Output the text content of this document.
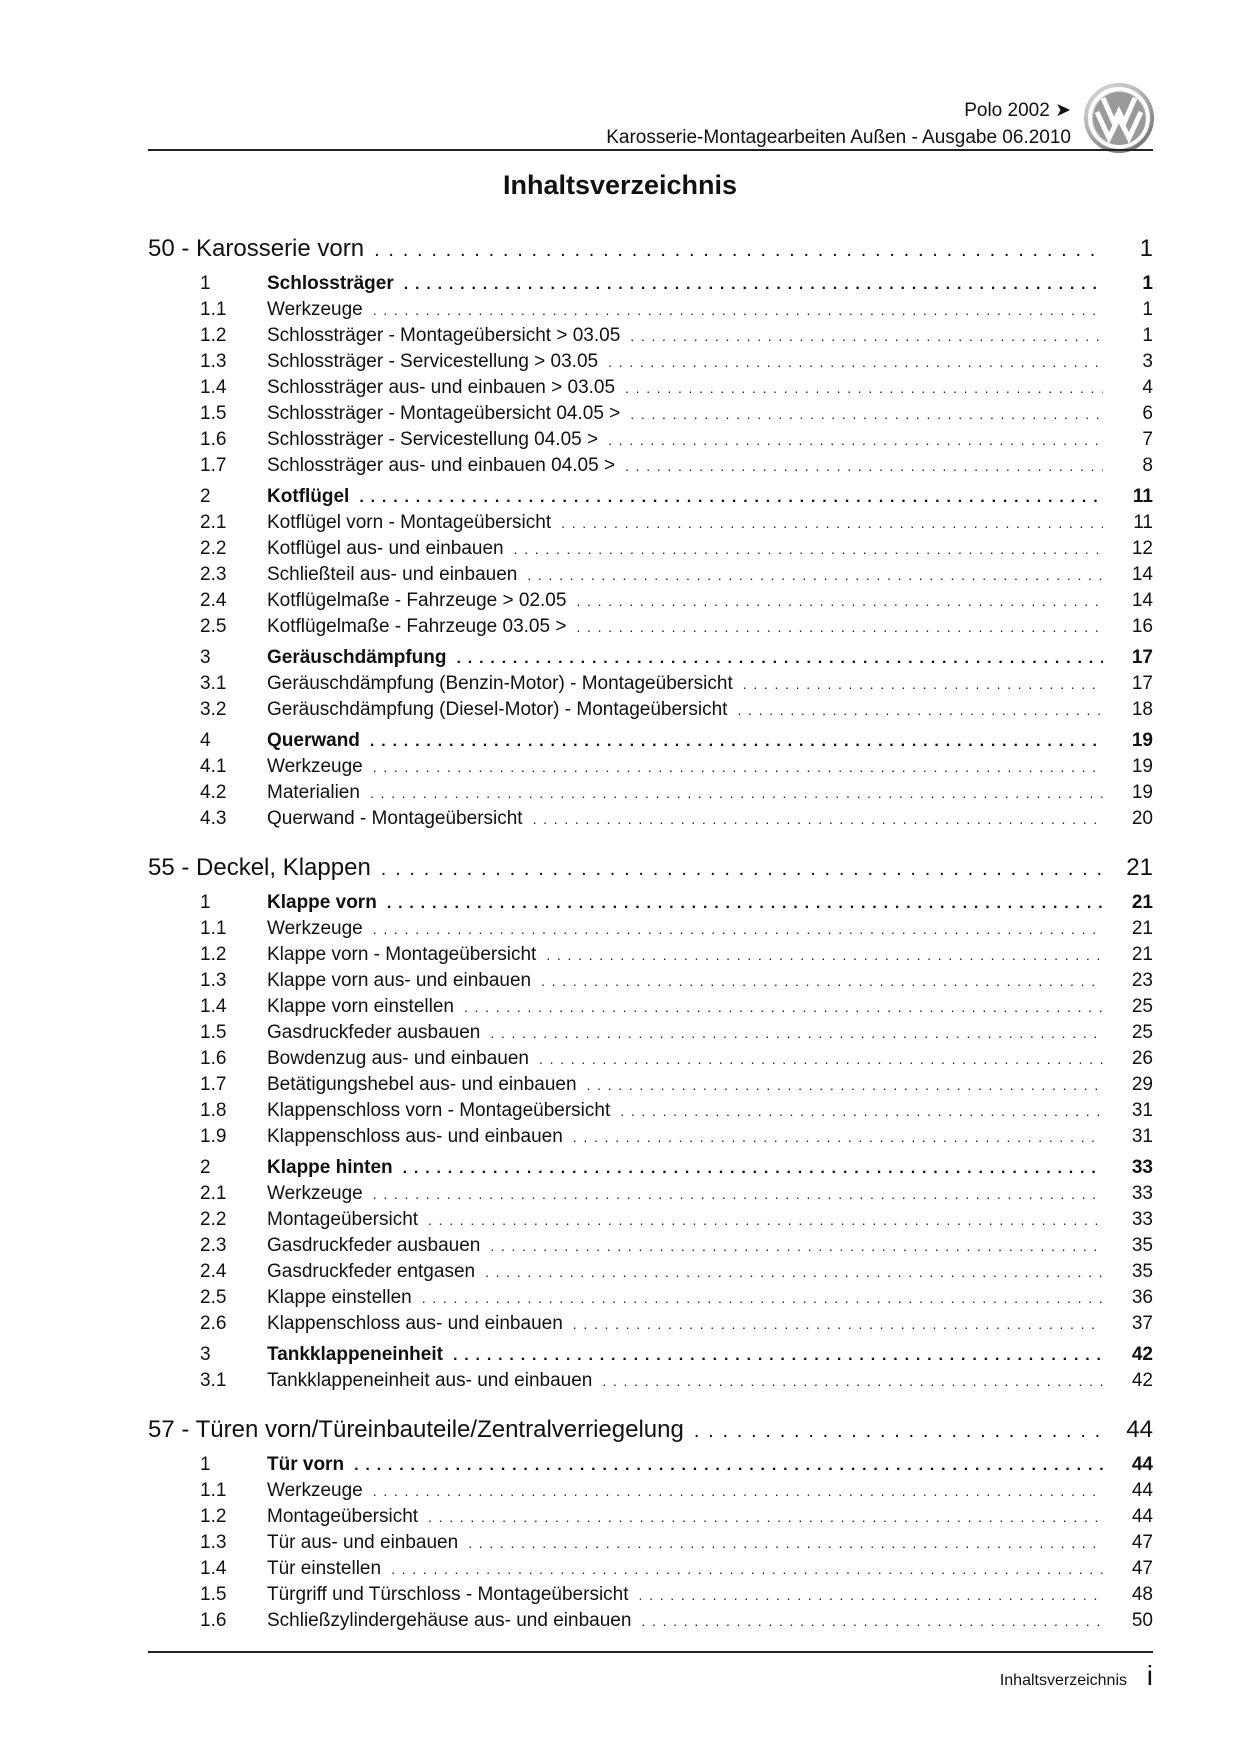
Polo 2002 ➤
Karosserie-Montagearbeiten Außen - Ausgabe 06.2010
Inhaltsverzeichnis
50 - Karosserie vorn . . .	1
1	Schlossträger . . .	1
1.1	Werkzeuge . . .	1
1.2	Schlossträger - Montageübersicht > 03.05 . . .	1
1.3	Schlossträger - Servicestellung > 03.05 . . .	3
1.4	Schlossträger aus- und einbauen > 03.05 . . .	4
1.5	Schlossträger - Montageübersicht 04.05 > . . .	6
1.6	Schlossträger - Servicestellung 04.05 > . . .	7
1.7	Schlossträger aus- und einbauen 04.05 > . . .	8
2	Kotflügel . . .	11
2.1	Kotflügel vorn - Montageübersicht . . .	11
2.2	Kotflügel aus- und einbauen . . .	12
2.3	Schließteil aus- und einbauen . . .	14
2.4	Kotflügelmaße - Fahrzeuge > 02.05 . . .	14
2.5	Kotflügelmaße - Fahrzeuge 03.05 > . . .	16
3	Geräuschdämpfung . . .	17
3.1	Geräuschdämpfung (Benzin-Motor) - Montageübersicht . . .	17
3.2	Geräuschdämpfung (Diesel-Motor) - Montageübersicht . . .	18
4	Querwand . . .	19
4.1	Werkzeuge . . .	19
4.2	Materialien . . .	19
4.3	Querwand - Montageübersicht . . .	20
55 - Deckel, Klappen . . .	21
1	Klappe vorn . . .	21
1.1	Werkzeuge . . .	21
1.2	Klappe vorn - Montageübersicht . . .	21
1.3	Klappe vorn aus- und einbauen . . .	23
1.4	Klappe vorn einstellen . . .	25
1.5	Gasdruckfeder ausbauen . . .	25
1.6	Bowdenzug aus- und einbauen . . .	26
1.7	Betätigungshebel aus- und einbauen . . .	29
1.8	Klappenschloss vorn - Montageübersicht . . .	31
1.9	Klappenschloss aus- und einbauen . . .	31
2	Klappe hinten . . .	33
2.1	Werkzeuge . . .	33
2.2	Montageübersicht . . .	33
2.3	Gasdruckfeder ausbauen . . .	35
2.4	Gasdruckfeder entgasen . . .	35
2.5	Klappe einstellen . . .	36
2.6	Klappenschloss aus- und einbauen . . .	37
3	Tankklappeneinheit . . .	42
3.1	Tankklappeneinheit aus- und einbauen . . .	42
57 - Türen vorn/Türeinbauteile/Zentralverriegelung . . .	44
1	Tür vorn . . .	44
1.1	Werkzeuge . . .	44
1.2	Montageübersicht . . .	44
1.3	Tür aus- und einbauen . . .	47
1.4	Tür einstellen . . .	47
1.5	Türgriff und Türschloss - Montageübersicht . . .	48
1.6	Schließzylindergehäuse aus- und einbauen . . .	50
Inhaltsverzeichnis i
